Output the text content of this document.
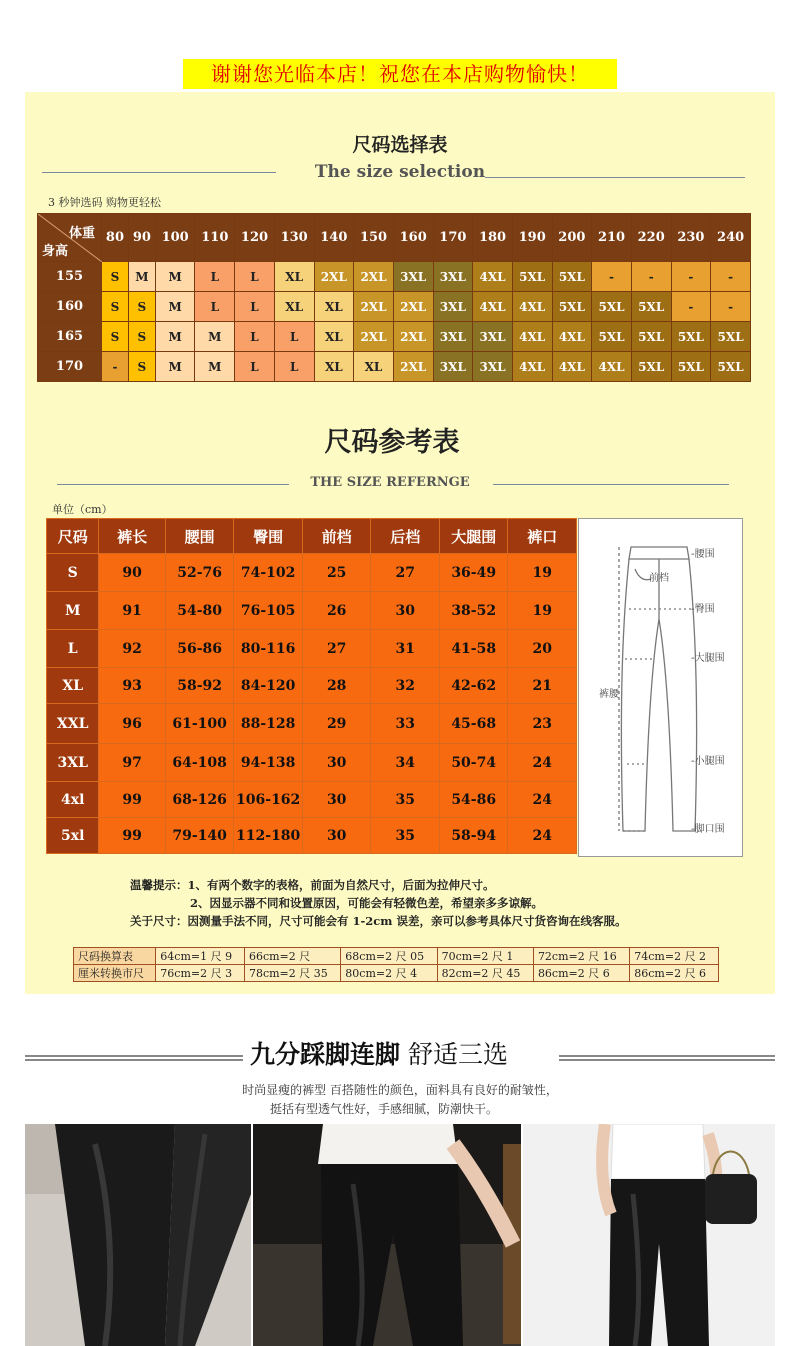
谢谢您光临本店！祝您在本店购物愉快！
尺码选择表
The size selection
3 秒钟选码 购物更轻松
体重
身高	80	90	100	110	120	130	140	150	160	170	180	190	200	210	220	230	240
155	S	M	M	L	L	XL	2XL	2XL	3XL	3XL	4XL	5XL	5XL	-	-	-	-
160	S	S	M	L	L	XL	XL	2XL	2XL	3XL	4XL	4XL	5XL	5XL	5XL	-	-
165	S	S	M	M	L	L	XL	2XL	2XL	3XL	3XL	4XL	4XL	5XL	5XL	5XL	5XL
170	-	S	M	M	L	L	XL	XL	2XL	3XL	3XL	4XL	4XL	4XL	5XL	5XL	5XL
尺码参考表
THE SIZE REFERNGE
单位（cm）
尺码	裤长	腰围	臀围	前档	后档	大腿围	裤口
S	90	52-76	74-102	25	27	36-49	19
M	91	54-80	76-105	26	30	38-52	19
L	92	56-86	80-116	27	31	41-58	20
XL	93	58-92	84-120	28	32	42-62	21
XXL	96	61-100	88-128	29	33	45-68	23
3XL	97	64-108	94-138	30	34	50-74	24
4xl	99	68-126	106-162	30	35	54-86	24
5xl	99	79-140	112-180	30	35	58-94	24
-腰围
前档
-臀围
-大腿围
裤腰
-小腿围
-脚口围
温馨提示：1、有两个数字的表格，前面为自然尺寸，后面为拉伸尺寸。
2、因显示器不同和设置原因，可能会有轻微色差，希望亲多多谅解。
关于尺寸：因测量手法不同，尺寸可能会有 1-2cm 误差，亲可以参考具体尺寸货咨询在线客服。
尺码换算表	64cm=1 尺 9	66cm=2 尺	68cm=2 尺 05	70cm=2 尺 1	72cm=2 尺 16	74cm=2 尺 2
厘米转换市尺	76cm=2 尺 3	78cm=2 尺 35	80cm=2 尺 4	82cm=2 尺 45	86cm=2 尺 6	86cm=2 尺 6
九分踩脚连脚 舒适三选
时尚显瘦的裤型 百搭随性的颜色，面料具有良好的耐皱性，
挺括有型透气性好，手感细腻，防潮快干。
